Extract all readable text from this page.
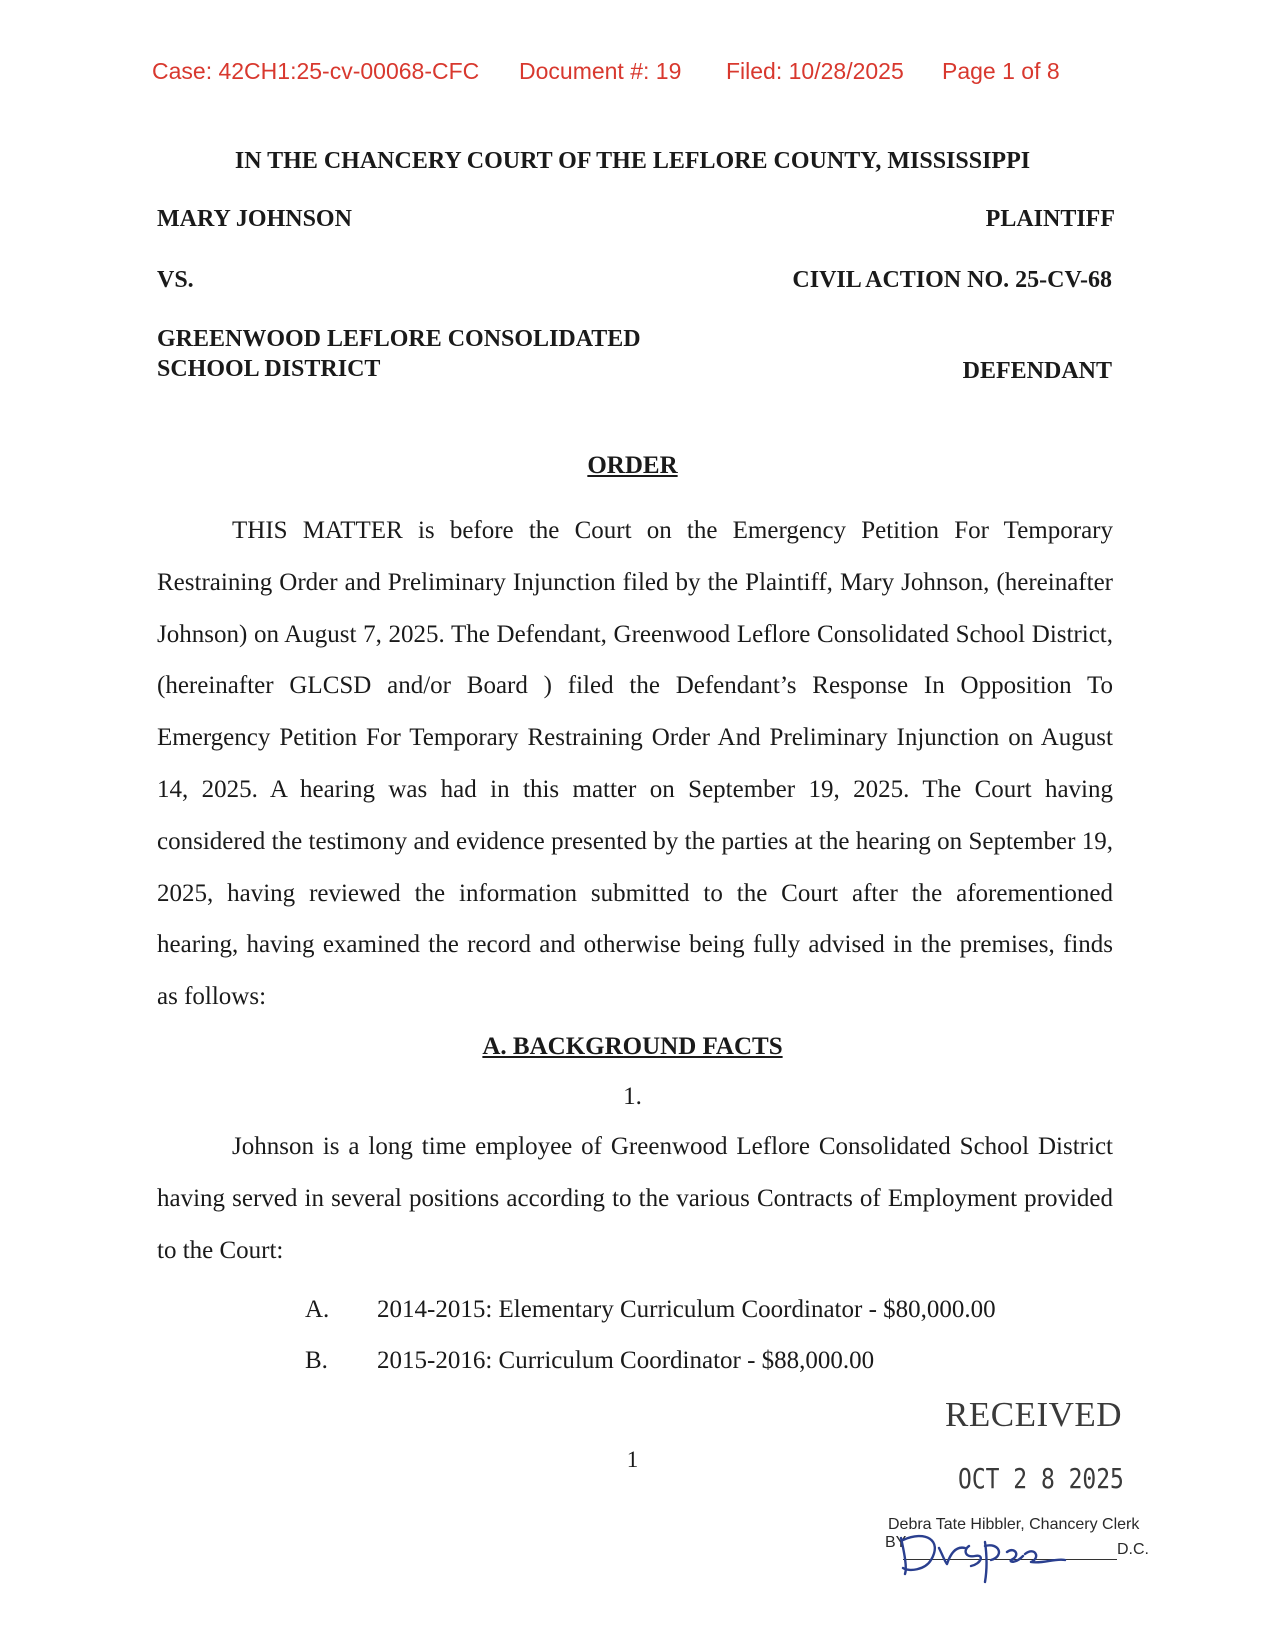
Case: 42CH1:25-cv-00068-CFC Document #: 19 Filed: 10/28/2025 Page 1 of 8
IN THE CHANCERY COURT OF THE LEFLORE COUNTY, MISSISSIPPI
MARY JOHNSON	PLAINTIFF
VS.	CIVIL ACTION NO. 25-CV-68
GREENWOOD LEFLORE CONSOLIDATED
SCHOOL DISTRICT	DEFENDANT
ORDER

THIS MATTER is before the Court on the Emergency Petition For Temporary Restraining Order and Preliminary Injunction filed by the Plaintiff, Mary Johnson, (hereinafter Johnson) on August 7, 2025. The Defendant, Greenwood Leflore Consolidated School District, (hereinafter GLCSD and/or Board ) filed the Defendant’s Response In Opposition To Emergency Petition For Temporary Restraining Order And Preliminary Injunction on August 14, 2025. A hearing was had in this matter on September 19, 2025. The Court having considered the testimony and evidence presented by the parties at the hearing on September 19, 2025, having reviewed the information submitted to the Court after the aforementioned hearing, having examined the record and otherwise being fully advised in the premises, finds as follows:

A. BACKGROUND FACTS
1.

Johnson is a long time employee of Greenwood Leflore Consolidated School District having served in several positions according to the various Contracts of Employment provided to the Court:

A. 2014-2015: Elementary Curriculum Coordinator - $80,000.00
B. 2015-2016: Curriculum Coordinator - $88,000.00
1
RECEIVED
OCT 2 8 2025
Debra Tate Hibbler, Chancery Clerk
BY	D.C.
